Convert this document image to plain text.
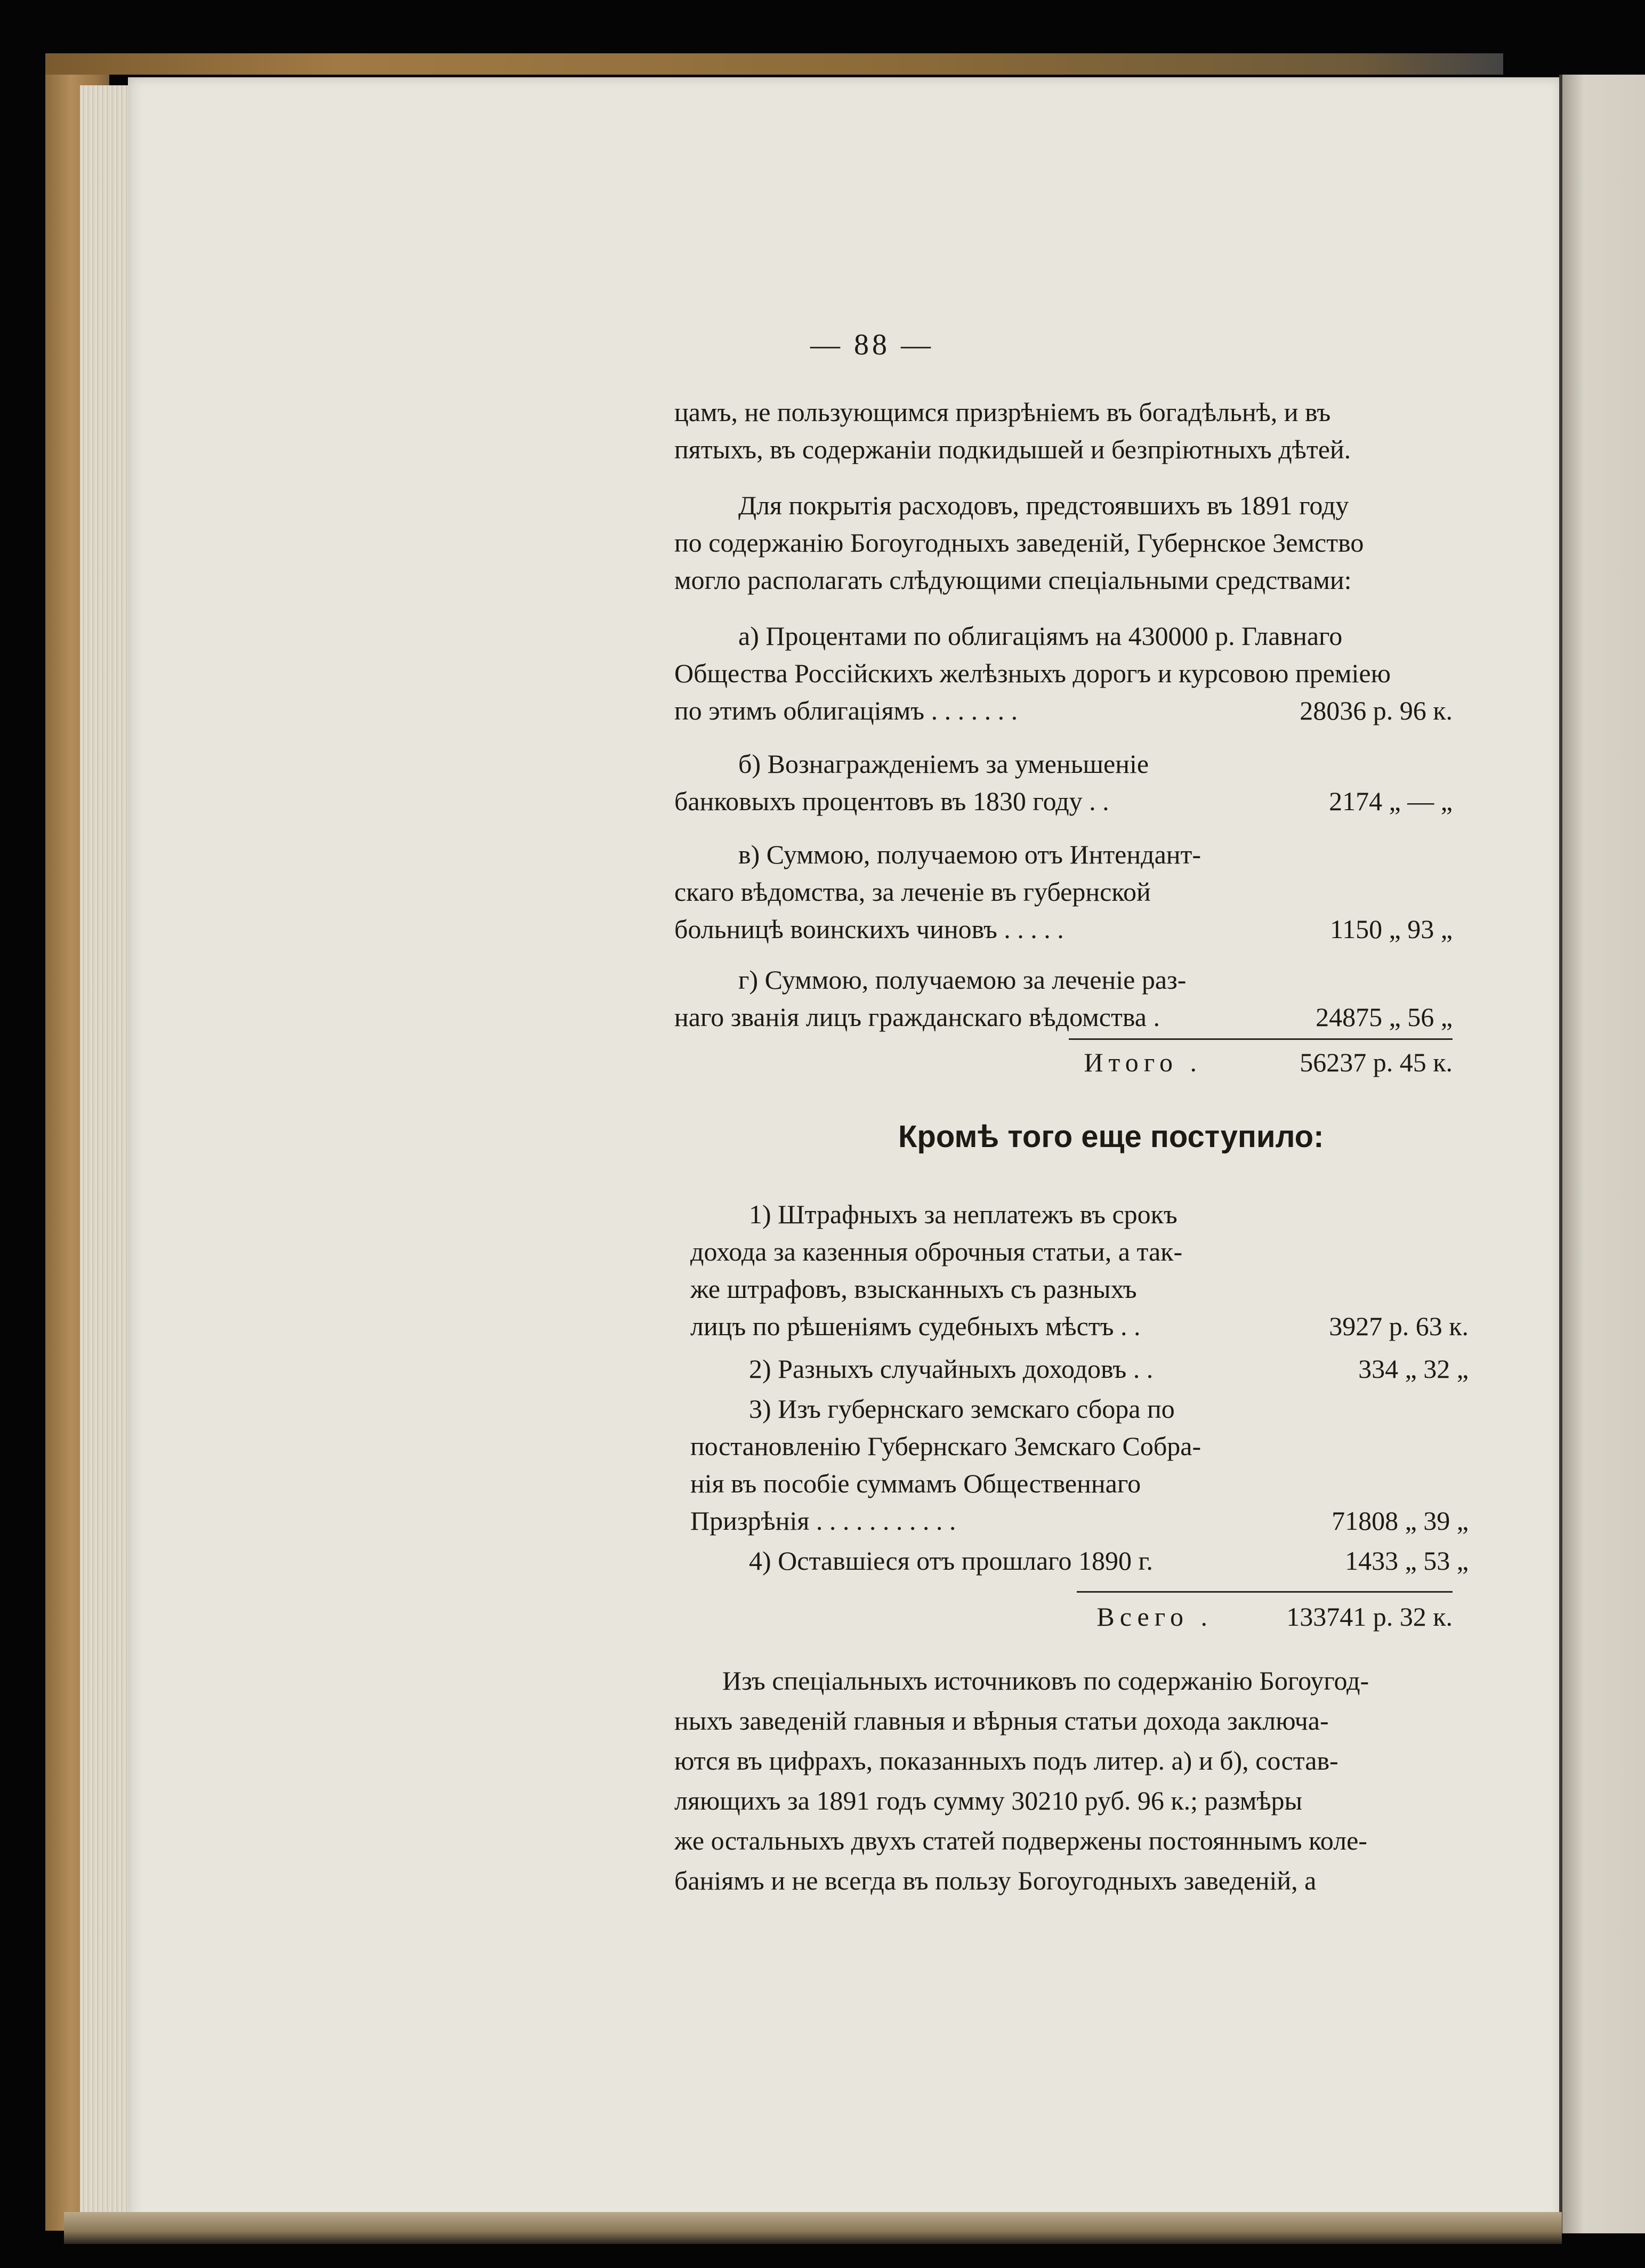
— 88 —
цамъ, не пользующимся призрѣніемъ въ богадѣльнѣ, и въ
пятыхъ, въ содержаніи подкидышей и безпріютныхъ дѣтей.
Для покрытія расходовъ, предстоявшихъ въ 1891 году
по содержанію Богоугодныхъ заведеній, Губернское Земство
могло располагать слѣдующими спеціальными средствами:
а) Процентами по облигаціямъ на 430000 р. Главнаго
Общества Россійскихъ желѣзныхъ дорогъ и курсовою преміею
по этимъ облигаціямъ . . . . . . .	28036 р. 96 к.
б) Вознагражденіемъ за уменьшеніе
банковыхъ процентовъ въ 1830 году . .	2174 „ — „
в) Суммою, получаемою отъ Интендант-
скаго вѣдомства, за леченіе въ губернской
больницѣ воинскихъ чиновъ . . . . .	1150 „ 93 „
г) Суммою, получаемою за леченіе раз-
наго званія лицъ гражданскаго вѣдомства .	24875 „ 56 „
Итого .	56237 р. 45 к.
Кромѣ того еще поступило:
1) Штрафныхъ за неплатежъ въ срокъ
дохода за казенныя оброчныя статьи, а так-
же штрафовъ, взысканныхъ съ разныхъ
лицъ по рѣшеніямъ судебныхъ мѣстъ . .	3927 р. 63 к.
2) Разныхъ случайныхъ доходовъ . .	334 „ 32 „
3) Изъ губернскаго земскаго сбора по
постановленію Губернскаго Земскаго Собра-
нія въ пособіе суммамъ Общественнаго
Призрѣнія . . . . . . . . . . .	71808 „ 39 „
4) Оставшіеся отъ прошлаго 1890 г.	1433 „ 53 „
Всего .	133741 р. 32 к.
Изъ спеціальныхъ источниковъ по содержанію Богоугод-
ныхъ заведеній главныя и вѣрныя статьи дохода заключа-
ются въ цифрахъ, показанныхъ подъ литер. а) и б), состав-
ляющихъ за 1891 годъ сумму 30210 руб. 96 к.; размѣры
же остальныхъ двухъ статей подвержены постояннымъ коле-
баніямъ и не всегда въ пользу Богоугодныхъ заведеній, а
